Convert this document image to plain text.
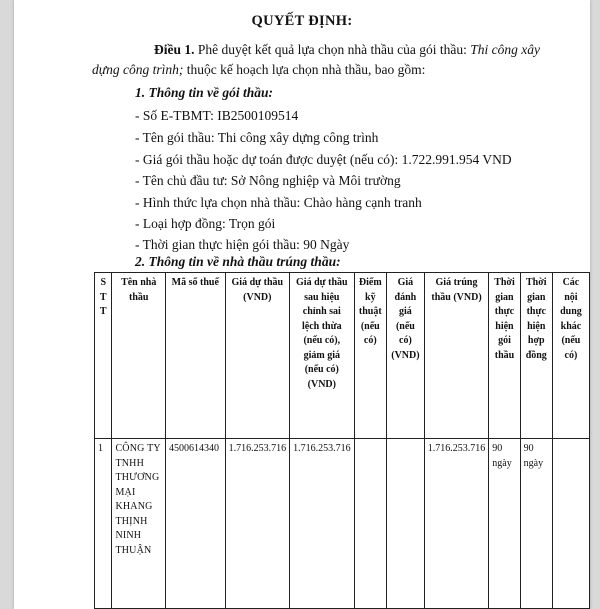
QUYẾT ĐỊNH:

Điều 1. Phê duyệt kết quả lựa chọn nhà thầu của gói thầu: Thi công xây dựng công trình; thuộc kế hoạch lựa chọn nhà thầu, bao gồm:

1. Thông tin về gói thầu:
- Số E-TBMT: IB2500109514
- Tên gói thầu: Thi công xây dựng công trình
- Giá gói thầu hoặc dự toán được duyệt (nếu có): 1.722.991.954 VND
- Tên chủ đầu tư: Sở Nông nghiệp và Môi trường
- Hình thức lựa chọn nhà thầu: Chào hàng cạnh tranh
- Loại hợp đồng: Trọn gói
- Thời gian thực hiện gói thầu: 90 Ngày
2. Thông tin về nhà thầu trúng thầu:
S T T	Tên nhà thầu	Mã số thuế	Giá dự thầu (VND)	Giá dự thầu sau hiệu chỉnh sai lệch thừa (nếu có), giảm giá (nếu có) (VND)	Điểm kỹ thuật (nếu có)	Giá đánh giá (nếu có) (VND)	Giá trúng thầu (VND)	Thời gian thực hiện gói thầu	Thời gian thực hiện hợp đồng	Các nội dung khác (nếu có)
1	CÔNG TY TNHH THƯƠNG MẠI KHANG THỊNH NINH THUẬN	4500614340	1.716.253.716	1.716.253.716			1.716.253.716	90 ngày	90 ngày	
